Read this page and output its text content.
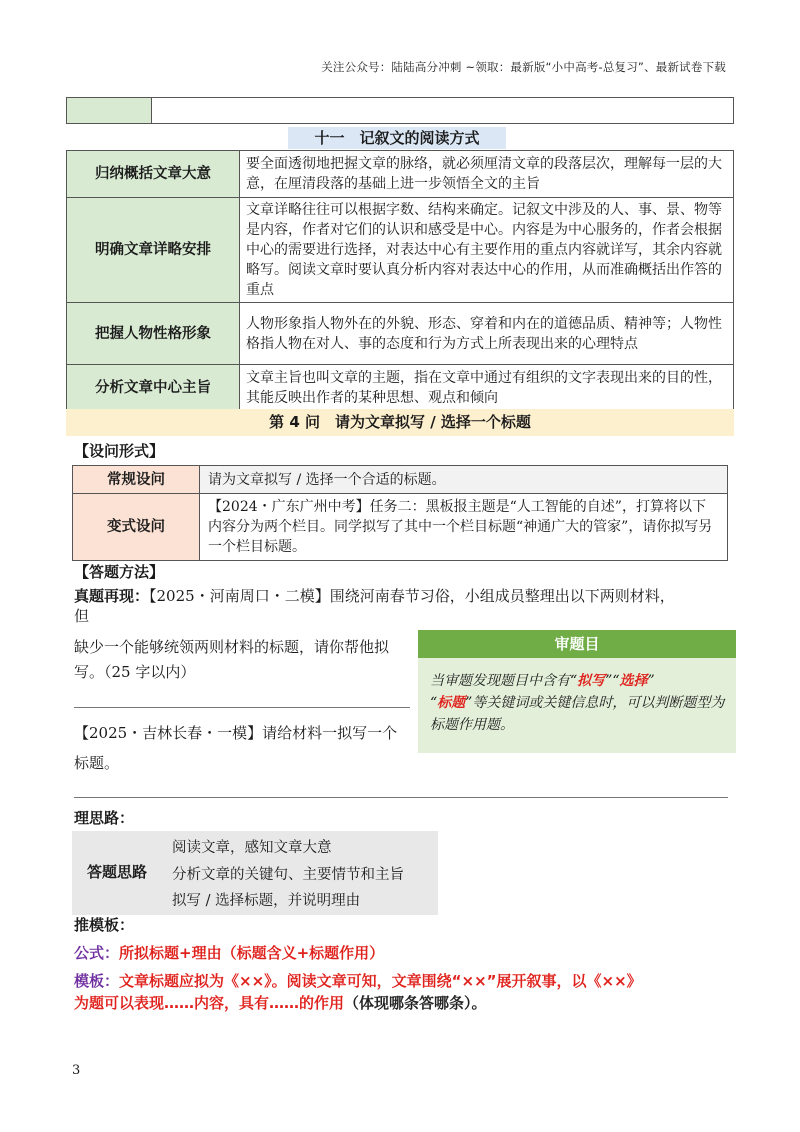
关注公众号：陆陆高分冲刺 ~领取：最新版“小中高考-总复习”、最新试卷下载
十一　记叙文的阅读方式
归纳概括文章大意	要全面透彻地把握文章的脉络，就必须厘清文章的段落层次，理解每一层的大意，在厘清段落的基础上进一步领悟全文的主旨
明确文章详略安排	文章详略往往可以根据字数、结构来确定。记叙文中涉及的人、事、景、物等是内容，作者对它们的认识和感受是中心。内容是为中心服务的，作者会根据中心的需要进行选择，对表达中心有主要作用的重点内容就详写，其余内容就略写。阅读文章时要认真分析内容对表达中心的作用，从而准确概括出作答的重点
把握人物性格形象	人物形象指人物外在的外貌、形态、穿着和内在的道德品质、精神等；人物性格指人物在对人、事的态度和行为方式上所表现出来的心理特点
分析文章中心主旨	文章主旨也叫文章的主题，指在文章中通过有组织的文字表现出来的目的性，其能反映出作者的某种思想、观点和倾向
第 4 问　请为文章拟写 / 选择一个标题
【设问形式】
常规设问	请为文章拟写 / 选择一个合适的标题。
变式设问	【2024・广东广州中考】任务二：黑板报主题是“人工智能的自述”，打算将以下内容分为两个栏目。同学拟写了其中一个栏目标题“神通广大的管家”，请你拟写另一个栏目标题。
【答题方法】
真题再现：【2025・河南周口・二模】围绕河南春节习俗，小组成员整理出以下两则材料，
但
缺少一个能够统领两则材料的标题，请你帮他拟
写。（25 字以内）
【2025・吉林长春・一模】请给材料一拟写一个
标题。
审题目
当审题发现题目中含有“拟写”“选择”
“标题”等关键词或关键信息时，可以判断题型为标题作用题。
理思路：
答题思路
阅读文章，感知文章大意
分析文章的关键句、主要情节和主旨
拟写 / 选择标题，并说明理由
推模板：
公式：所拟标题+理由（标题含义+标题作用）
模板：文章标题应拟为《××》。阅读文章可知，文章围绕“××”展开叙事，以《××》
为题可以表现……内容，具有……的作用（体现哪条答哪条）。
3
